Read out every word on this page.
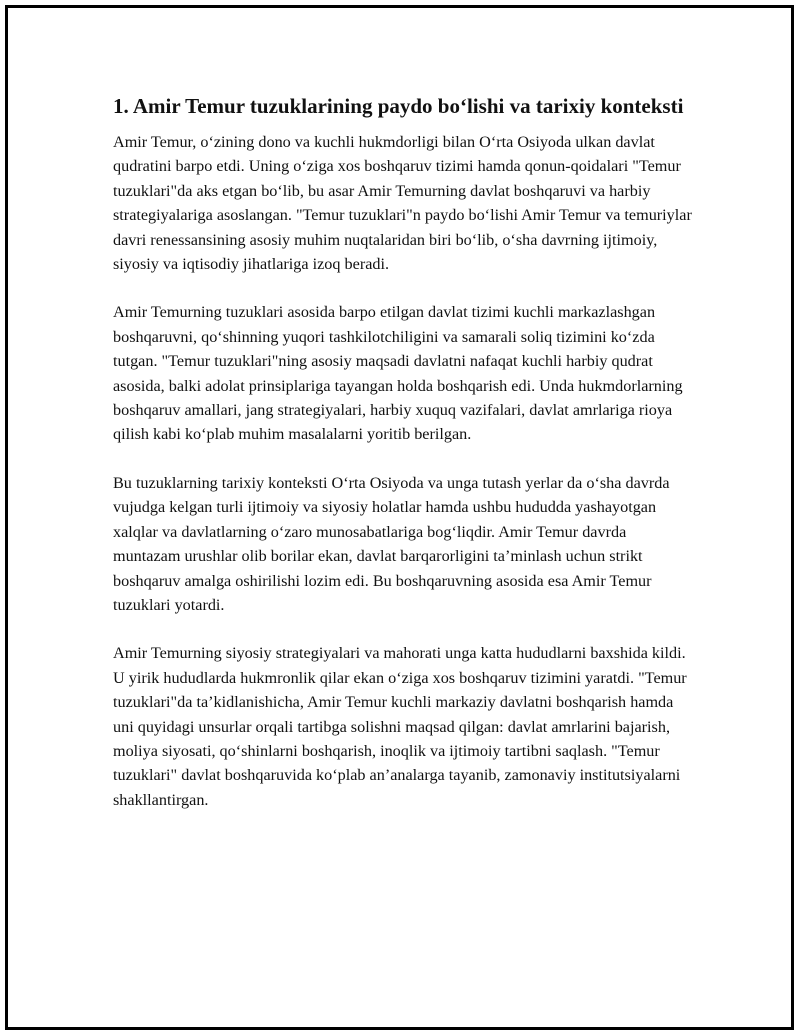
1. Amir Temur tuzuklarining paydo bo‘lishi va tarixiy konteksti

Amir Temur, o‘zining dono va kuchli hukmdorligi bilan O‘rta Osiyoda ulkan davlat qudratini barpo etdi. Uning o‘ziga xos boshqaruv tizimi hamda qonun-qoidalari "Temur tuzuklari"da aks etgan bo‘lib, bu asar Amir Temurning davlat boshqaruvi va harbiy strategiyalariga asoslangan. "Temur tuzuklari"n paydo bo‘lishi Amir Temur va temuriylar davri renessansining asosiy muhim nuqtalaridan biri bo‘lib, o‘sha davrning ijtimoiy, siyosiy va iqtisodiy jihatlariga izoq beradi.

Amir Temurning tuzuklari asosida barpo etilgan davlat tizimi kuchli markazlashgan boshqaruvni, qo‘shinning yuqori tashkilotchiligini va samarali soliq tizimini ko‘zda tutgan. "Temur tuzuklari"ning asosiy maqsadi davlatni nafaqat kuchli harbiy qudrat asosida, balki adolat prinsiplariga tayangan holda boshqarish edi. Unda hukmdorlarning boshqaruv amallari, jang strategiyalari, harbiy xuquq vazifalari, davlat amrlariga rioya qilish kabi ko‘plab muhim masalalarni yoritib berilgan.

Bu tuzuklarning tarixiy konteksti O‘rta Osiyoda va unga tutash yerlar da o‘sha davrda vujudga kelgan turli ijtimoiy va siyosiy holatlar hamda ushbu hududda yashayotgan xalqlar va davlatlarning o‘zaro munosabatlariga bog‘liqdir. Amir Temur davrda muntazam urushlar olib borilar ekan, davlat barqarorligini ta’minlash uchun strikt boshqaruv amalga oshirilishi lozim edi. Bu boshqaruvning asosida esa Amir Temur tuzuklari yotardi.

Amir Temurning siyosiy strategiyalari va mahorati unga katta hududlarni baxshida kildi. U yirik hududlarda hukmronlik qilar ekan o‘ziga xos boshqaruv tizimini yaratdi. "Temur tuzuklari"da ta’kidlanishicha, Amir Temur kuchli markaziy davlatni boshqarish hamda uni quyidagi unsurlar orqali tartibga solishni maqsad qilgan: davlat amrlarini bajarish, moliya siyosati, qo‘shinlarni boshqarish, inoqlik va ijtimoiy tartibni saqlash. "Temur tuzuklari" davlat boshqaruvida ko‘plab an’analarga tayanib, zamonaviy institutsiyalarni shakllantirgan.
